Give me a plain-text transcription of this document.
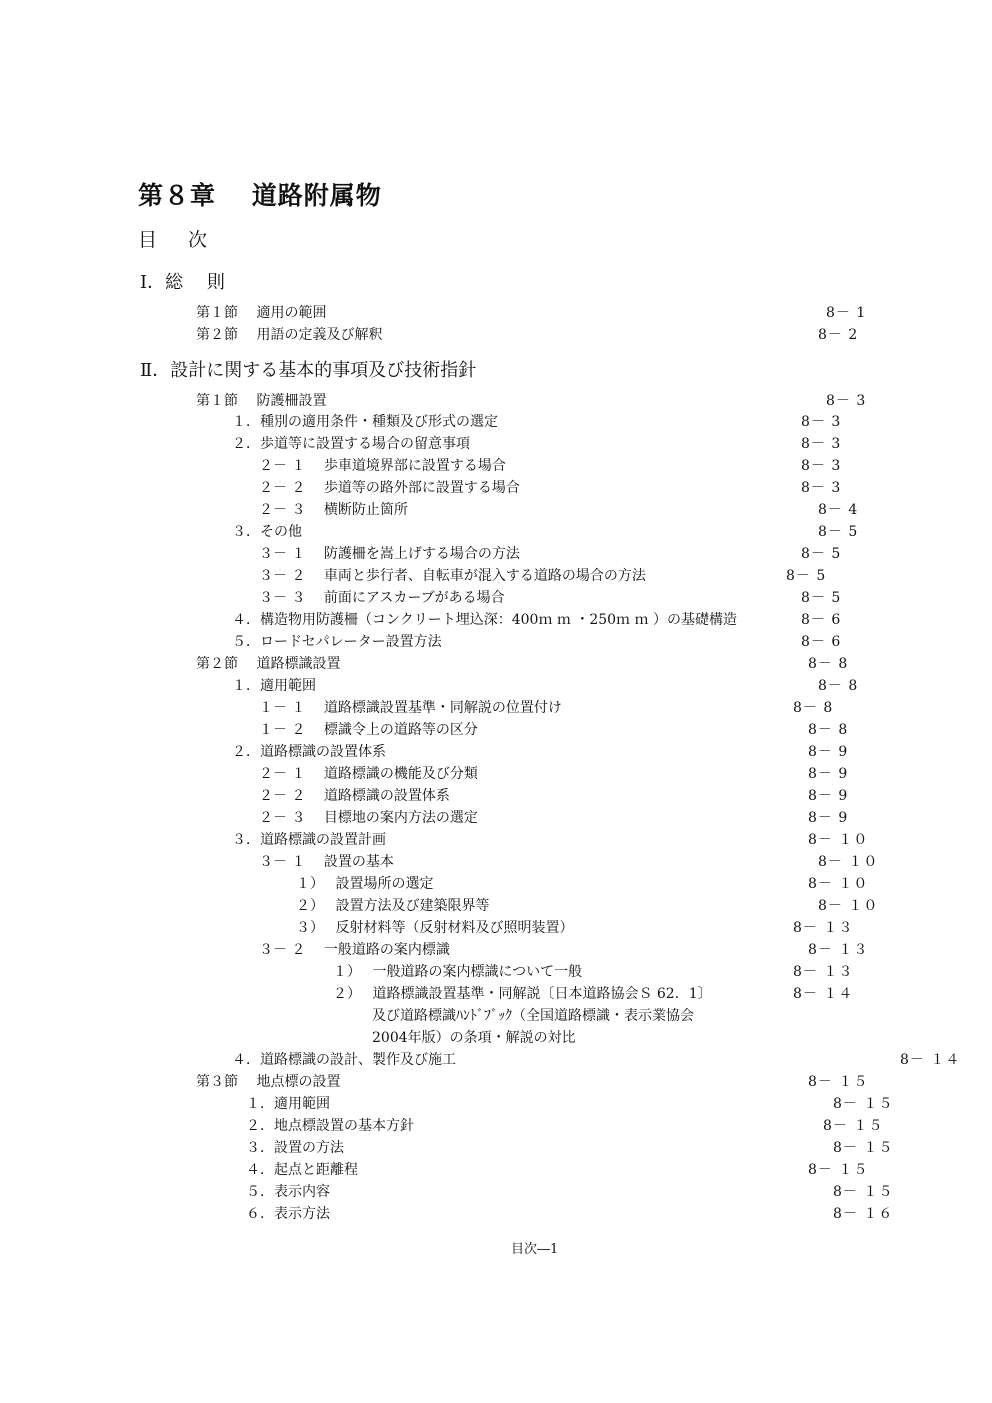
第８章　 道路附属物
目　 次
Ⅰ．総　 則
Ⅱ．設計に関する基本的事項及び技術指針
第１節　 適用の範囲	8－ 1
第２節　 用語の定義及び解釈	8－ 2
第１節　 防護柵設置	8－ 3
１．種別の適用条件・種類及び形式の選定	8－ 3
２．歩道等に設置する場合の留意事項	8－ 3
２－ １　 歩車道境界部に設置する場合	8－ 3
２－ ２　 歩道等の路外部に設置する場合	8－ 3
２－ ３　 横断防止箇所	8－ 4
３．その他	8－ 5
３－ １　 防護柵を嵩上げする場合の方法	8－ 5
３－ ２　 車両と歩行者、自転車が混入する道路の場合の方法	8－ 5
３－ ３　 前面にアスカーブがある場合	8－ 5
４．構造物用防護柵（コンクリート埋込深：400ｍ ｍ ・250ｍ ｍ ）の基礎構造	8－ 6
５．ロードセパレーター設置方法	8－ 6
第２節　 道路標識設置	8－ 8
１．適用範囲	8－ 8
１－ １　 道路標識設置基準・同解説の位置付け	8－ 8
１－ ２　 標識令上の道路等の区分	8－ 8
２．道路標識の設置体系	8－ 9
２－ １　 道路標識の機能及び分類	8－ 9
２－ ２　 道路標識の設置体系	8－ 9
２－ ３　 目標地の案内方法の選定	8－ 9
３．道路標識の設置計画	8－ １０
３－ １　 設置の基本	8－ １０
１）　 設置場所の選定	8－ １０
２）　 設置方法及び建築限界等	8－ １０
３）　 反射材料等（反射材料及び照明装置）	8－ １３
３－ ２　 一般道路の案内標識	8－ １３
１）　 一般道路の案内標識について一般	8－ １３
２）　 道路標識設置基準・同解説〔日本道路協会Ｓ 62．1〕	8－ １４
及び道路標識ﾊﾝﾄﾞﾌﾞｯｸ（全国道路標識・表示業協会
2004年版）の条項・解説の対比
４．道路標識の設計、製作及び施工	8－ １４
第３節　 地点標の設置	8－ １５
１．適用範囲	8－ １５
２．地点標設置の基本方針	8－ １５
３．設置の方法	8－ １５
４．起点と距離程	8－ １５
５．表示内容	8－ １５
６．表示方法	8－ １６
目次―1
